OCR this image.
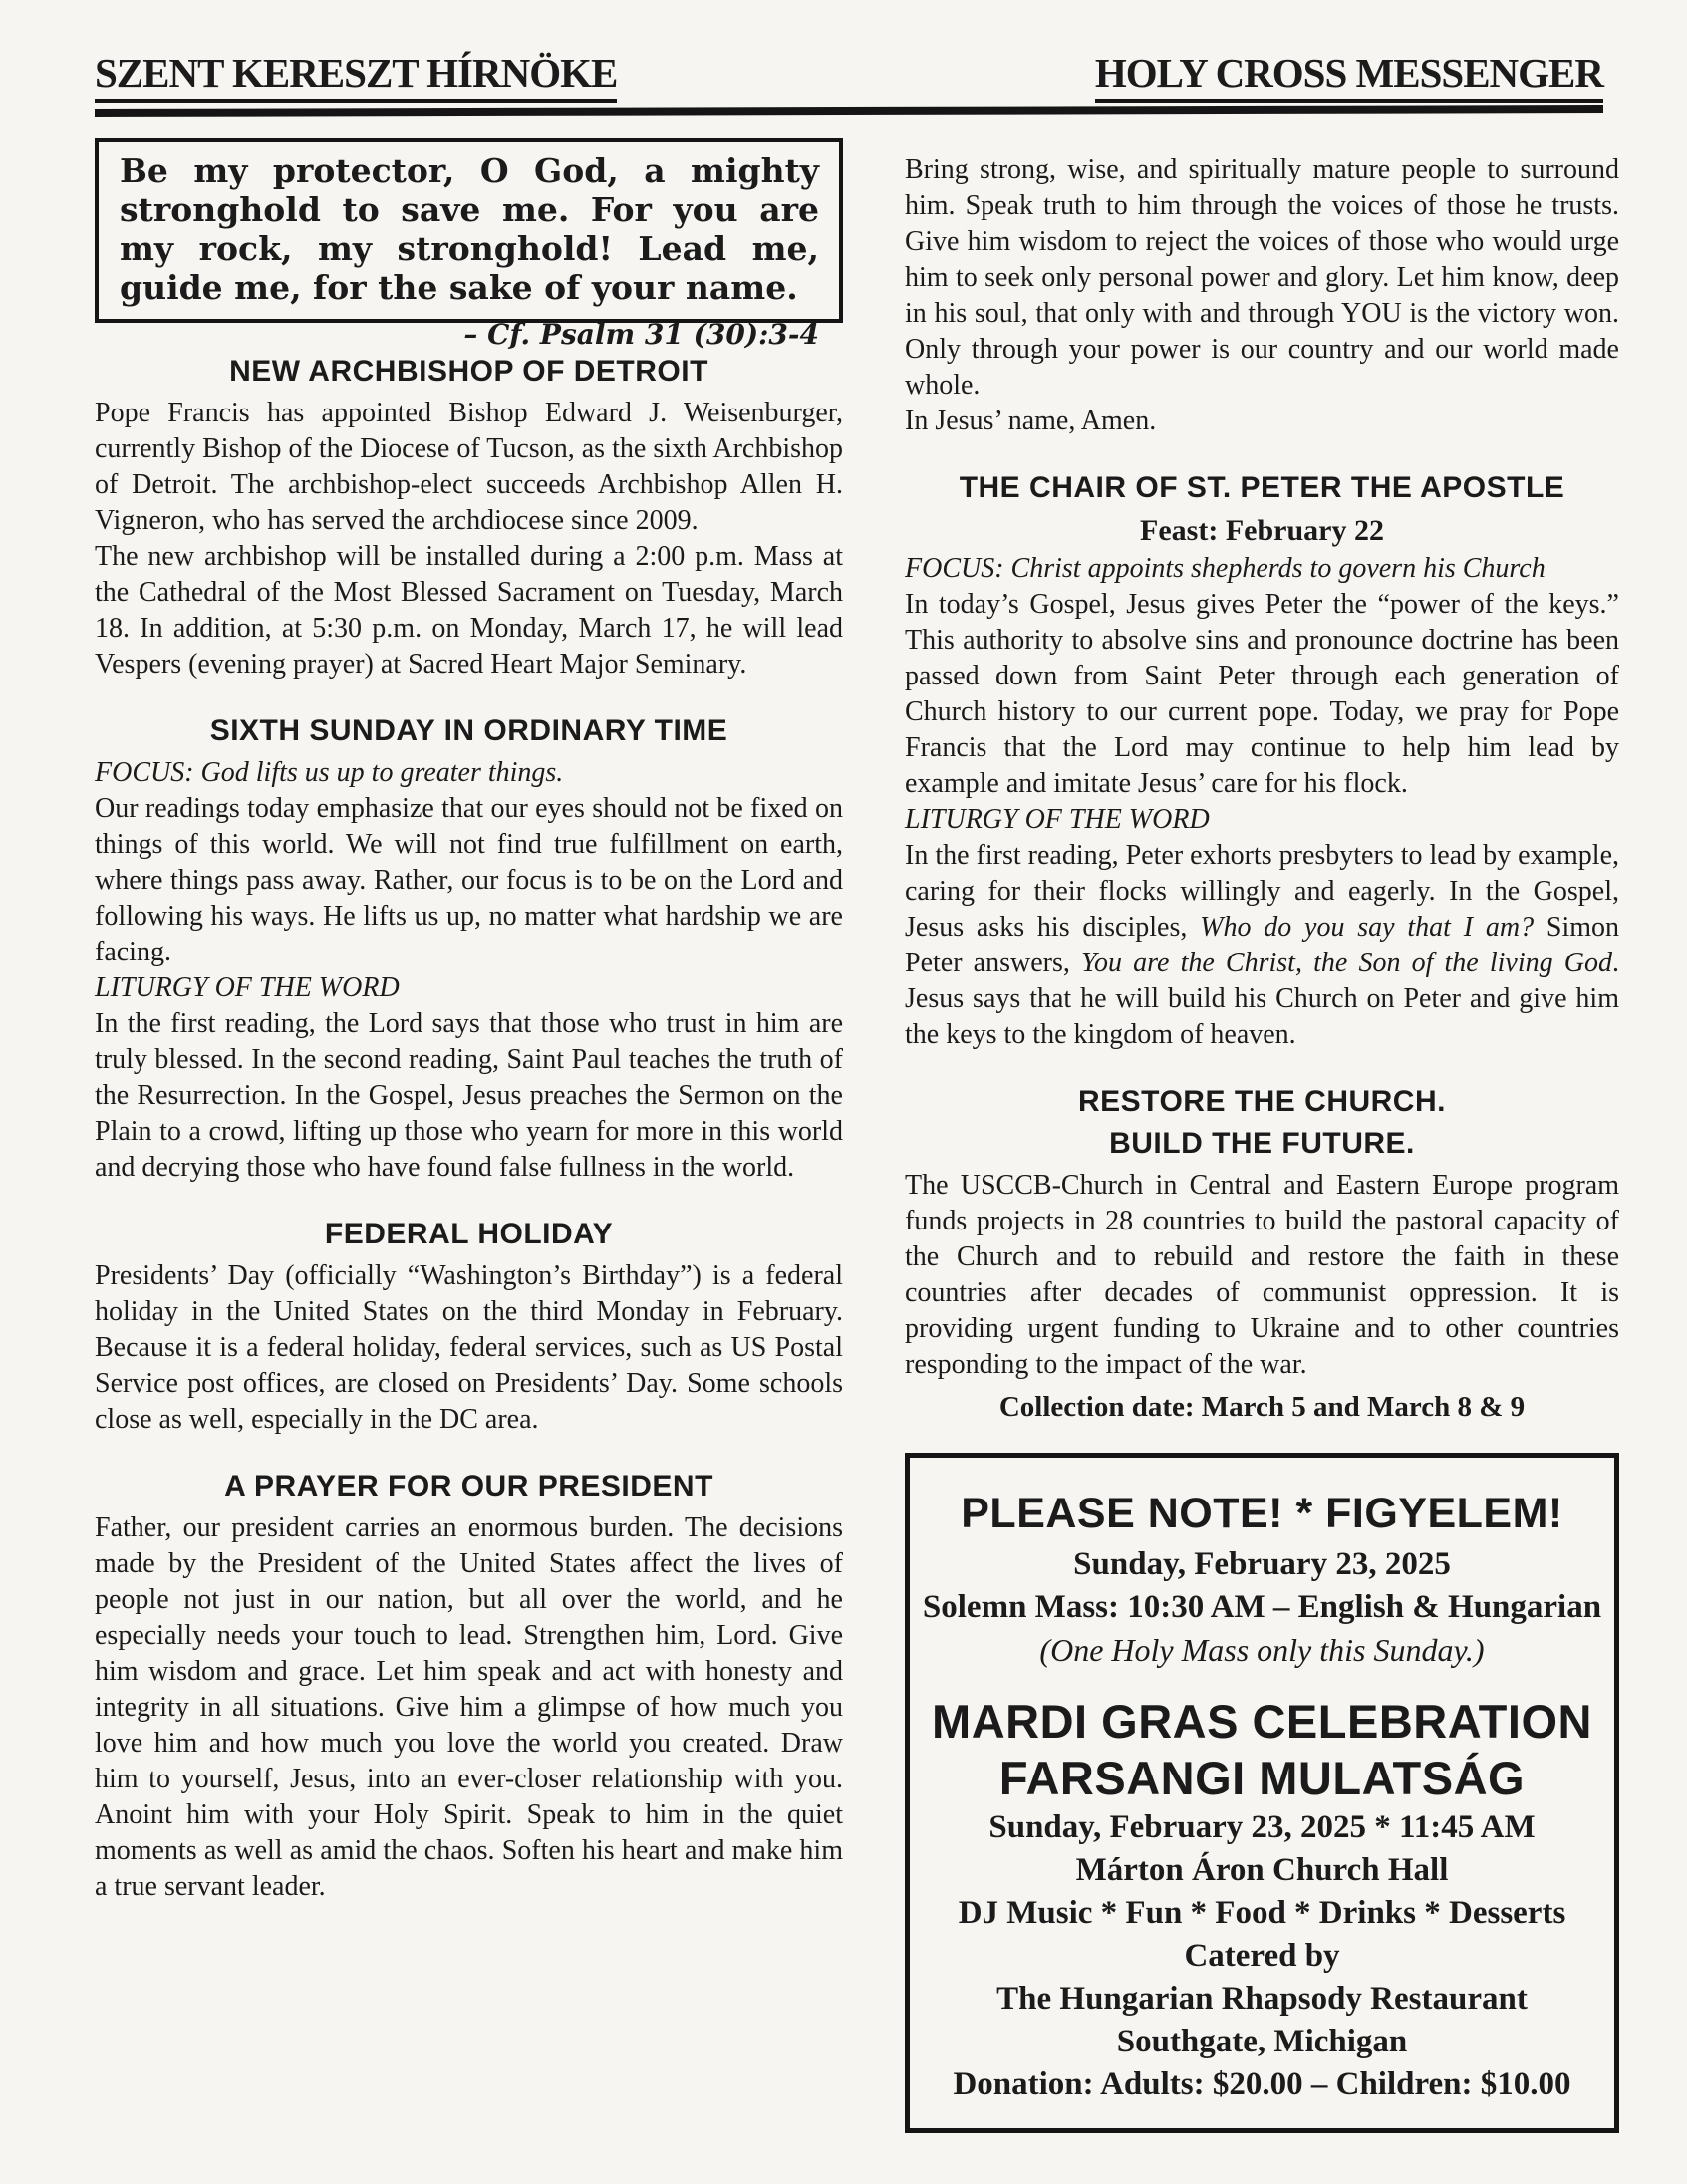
SZENT KERESZT HÍRNÖKE	HOLY CROSS MESSENGER
Be my protector, O God, a mighty stronghold to save me. For you are my rock, my stronghold! Lead me, guide me, for the sake of your name.
– Cf. Psalm 31 (30):3-4
NEW ARCHBISHOP OF DETROIT

Pope Francis has appointed Bishop Edward J. Weisenburger, currently Bishop of the Diocese of Tucson, as the sixth Archbishop of Detroit. The archbishop-elect succeeds Archbishop Allen H. Vigneron, who has served the archdiocese since 2009.

The new archbishop will be installed during a 2:00 p.m. Mass at the Cathedral of the Most Blessed Sacrament on Tuesday, March 18. In addition, at 5:30 p.m. on Monday, March 17, he will lead Vespers (evening prayer) at Sacred Heart Major Seminary.

SIXTH SUNDAY IN ORDINARY TIME

FOCUS: God lifts us up to greater things.

Our readings today emphasize that our eyes should not be fixed on things of this world. We will not find true fulfillment on earth, where things pass away. Rather, our focus is to be on the Lord and following his ways. He lifts us up, no matter what hardship we are facing.

LITURGY OF THE WORD

In the first reading, the Lord says that those who trust in him are truly blessed. In the second reading, Saint Paul teaches the truth of the Resurrection. In the Gospel, Jesus preaches the Sermon on the Plain to a crowd, lifting up those who yearn for more in this world and decrying those who have found false fullness in the world.

FEDERAL HOLIDAY

Presidents’ Day (officially “Washington’s Birthday”) is a federal holiday in the United States on the third Monday in February. Because it is a federal holiday, federal services, such as US Postal Service post offices, are closed on Presidents’ Day. Some schools close as well, especially in the DC area.

A PRAYER FOR OUR PRESIDENT

Father, our president carries an enormous burden. The decisions made by the President of the United States affect the lives of people not just in our nation, but all over the world, and he especially needs your touch to lead. Strengthen him, Lord. Give him wisdom and grace. Let him speak and act with honesty and integrity in all situations. Give him a glimpse of how much you love him and how much you love the world you created. Draw him to yourself, Jesus, into an ever-closer relationship with you. Anoint him with your Holy Spirit. Speak to him in the quiet moments as well as amid the chaos. Soften his heart and make him a true servant leader.

Bring strong, wise, and spiritually mature people to surround him. Speak truth to him through the voices of those he trusts. Give him wisdom to reject the voices of those who would urge him to seek only personal power and glory. Let him know, deep in his soul, that only with and through YOU is the victory won. Only through your power is our country and our world made whole.

In Jesus’ name, Amen.

THE CHAIR OF ST. PETER THE APOSTLE
Feast: February 22

FOCUS: Christ appoints shepherds to govern his Church

In today’s Gospel, Jesus gives Peter the “power of the keys.” This authority to absolve sins and pronounce doctrine has been passed down from Saint Peter through each generation of Church history to our current pope. Today, we pray for Pope Francis that the Lord may continue to help him lead by example and imitate Jesus’ care for his flock.

LITURGY OF THE WORD

In the first reading, Peter exhorts presbyters to lead by example, caring for their flocks willingly and eagerly. In the Gospel, Jesus asks his disciples, Who do you say that I am? Simon Peter answers, You are the Christ, the Son of the living God. Jesus says that he will build his Church on Peter and give him the keys to the kingdom of heaven.

RESTORE THE CHURCH.
BUILD THE FUTURE.

The USCCB-Church in Central and Eastern Europe program funds projects in 28 countries to build the pastoral capacity of the Church and to rebuild and restore the faith in these countries after decades of communist oppression. It is providing urgent funding to Ukraine and to other countries responding to the impact of the war.

Collection date: March 5 and March 8 & 9

PLEASE NOTE! * FIGYELEM!
Sunday, February 23, 2025
Solemn Mass: 10:30 AM – English & Hungarian
(One Holy Mass only this Sunday.)
MARDI GRAS CELEBRATION
FARSANGI MULATSÁG
Sunday, February 23, 2025 * 11:45 AM
Márton Áron Church Hall
DJ Music * Fun * Food * Drinks * Desserts
Catered by
The Hungarian Rhapsody Restaurant
Southgate, Michigan
Donation: Adults: $20.00 – Children: $10.00
